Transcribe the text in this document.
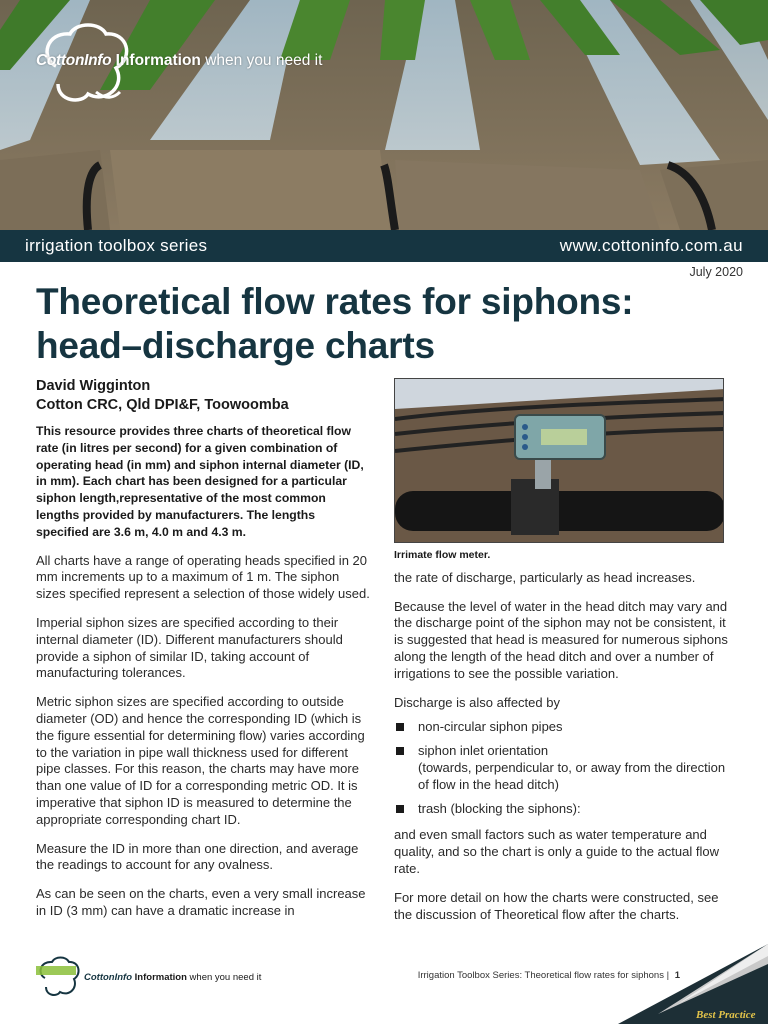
CottonInfo Information when you need it
irrigation toolbox series	www.cottoninfo.com.au
July 2020
Theoretical flow rates for siphons:
head–discharge charts
David Wigginton
Cotton CRC, Qld DPI&F, Toowoomba

This resource provides three charts of theoretical flow rate (in litres per second) for a given combination of operating head (in mm) and siphon internal diameter (ID, in mm). Each chart has been designed for a particular siphon length,representative of the most common lengths provided by manufacturers. The lengths specified are 3.6 m, 4.0 m and 4.3 m.

All charts have a range of operating heads specified in 20 mm increments up to a maximum of 1 m. The siphon sizes specified represent a selection of those widely used.

Imperial siphon sizes are specified according to their internal diameter (ID). Different manufacturers should provide a siphon of similar ID, taking account of manufacturing tolerances.

Metric siphon sizes are specified according to outside diameter (OD) and hence the corresponding ID (which is the figure essential for determining flow) varies according to the variation in pipe wall thickness used for different pipe classes. For this reason, the charts may have more than one value of ID for a corresponding metric OD. It is imperative that siphon ID is measured to determine the appropriate corresponding chart ID.

Measure the ID in more than one direction, and average the readings to account for any ovalness.

As can be seen on the charts, even a very small increase in ID (3 mm) can have a dramatic increase in

Irrimate flow meter.

the rate of discharge, particularly as head increases.

Because the level of water in the head ditch may vary and the discharge point of the siphon may not be consistent, it is suggested that head is measured for numerous siphons along the length of the head ditch and over a number of irrigations to see the possible variation.

Discharge is also affected by

non-circular siphon pipes
siphon inlet orientation
(towards, perpendicular to, or away from the direction of flow in the head ditch)
trash (blocking the siphons):

and even small factors such as water temperature and quality, and so the chart is only a guide to the actual flow rate.

For more detail on how the charts were constructed, see the discussion of Theoretical flow after the charts.

CottonInfo Information when you need it	Irrigation Toolbox Series: Theoretical flow rates for siphons | 1
Best Practice
